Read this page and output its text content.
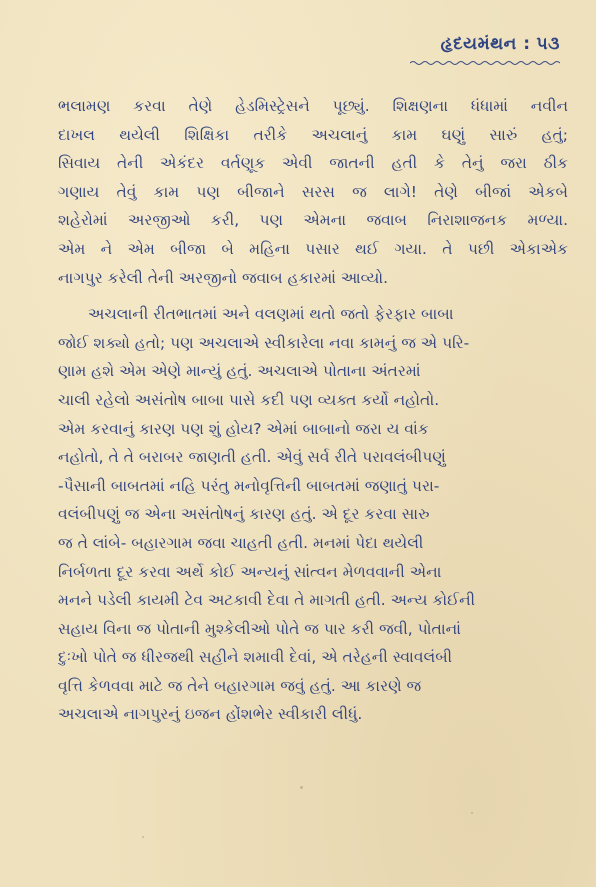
હૃદયમંથન : ૫૩

ભલામણ કરવા તેણે હેડમિસ્ટ્રેસને પૂછ્યું. શિક્ષણના ધંધામાં નવીન
દાખલ થયેલી શિક્ષિકા તરીકે અચલાનું કામ ઘણું સારું હતું;
સિવાય તેની એકંદર વર્તણૂક એવી જાતની હતી કે તેનું જરા ઠીક
ગણાય તેવું કામ પણ બીજાને સરસ જ લાગે! તેણે બીજાં એકબે
શહેરોમાં અરજીઓ કરી, પણ એમના જવાબ નિરાશાજનક મળ્યા.
એમ ને એમ બીજા બે મહિના પસાર થઈ ગયા. તે પછી એકાએક
નાગપુર કરેલી તેની અરજીનો જવાબ હકારમાં આવ્યો.

અચલાની રીતભાતમાં અને વલણમાં થતો જતો ફેરફાર બાબા
જોઈ શક્યો હતો; પણ અચલાએ સ્વીકારેલા નવા કામનું જ એ પરિ-
ણામ હશે એમ એણે માન્યું હતું. અચલાએ પોતાના અંતરમાં
ચાલી રહેલો અસંતોષ બાબા પાસે કદી પણ વ્યક્ત કર્યો નહોતો.
એમ કરવાનું કારણ પણ શું હોય? એમાં બાબાનો જરા ય વાંક
નહોતો, તે તે બરાબર જાણતી હતી. એવું સર્વ રીતે પરાવલંબીપણું
-પૈસાની બાબતમાં નહિ પરંતુ મનોવૃત્તિની બાબતમાં જણાતું પરા-
વલંબીપણું જ એના અસંતોષનું કારણ હતું. એ દૂર કરવા સારુ
જ તે લાંબે- બહારગામ જવા ચાહતી હતી. મનમાં પેદા થયેલી
નિર્બળતા દૂર કરવા અર્થે કોઈ અન્યનું સાંત્વન મેળવવાની એના
મનને પડેલી કાયમી ટેવ અટકાવી દેવા તે માગતી હતી. અન્ય કોઈની
સહાય વિના જ પોતાની મુશ્કેલીઓ પોતે જ પાર કરી જવી, પોતાનાં
દુઃખો પોતે જ ધીરજથી સહીને શમાવી દેવાં, એ તરેહની સ્વાવલંબી
વૃત્તિ કેળવવા માટે જ તેને બહારગામ જવું હતું. આ કારણે જ
અચલાએ નાગપુરનું ઇજન હોંશભેર સ્વીકારી લીધું.
